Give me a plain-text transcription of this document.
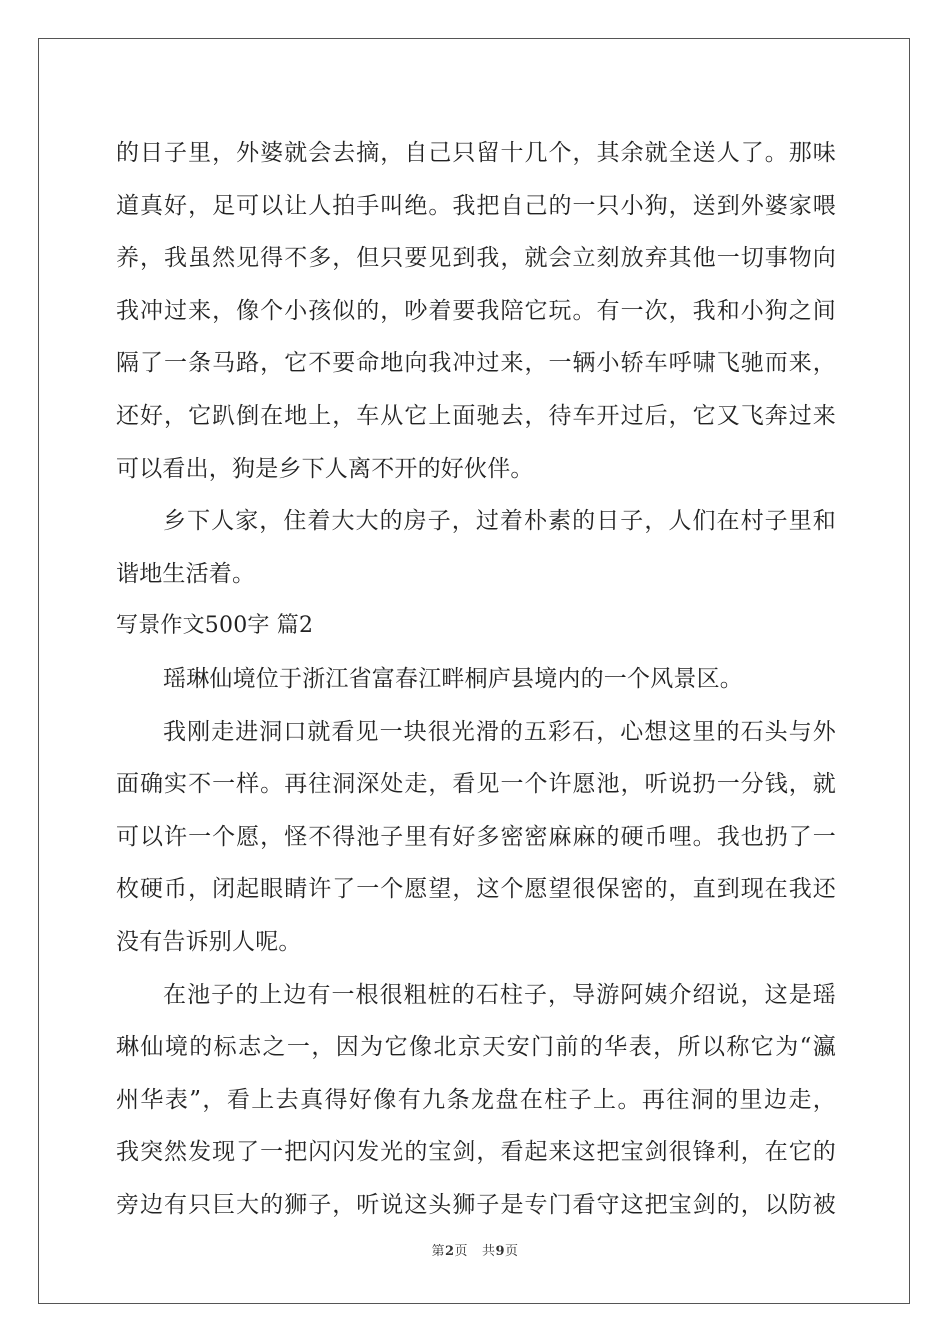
的日子里，外婆就会去摘，自己只留十几个，其余就全送人了。那味
道真好，足可以让人拍手叫绝。我把自己的一只小狗，送到外婆家喂
养，我虽然见得不多，但只要见到我，就会立刻放弃其他一切事物向
我冲过来，像个小孩似的，吵着要我陪它玩。有一次，我和小狗之间
隔了一条马路，它不要命地向我冲过来，一辆小轿车呼啸飞驰而来，
还好，它趴倒在地上，车从它上面驰去，待车开过后，它又飞奔过来
可以看出，狗是乡下人离不开的好伙伴。
乡下人家，住着大大的房子，过着朴素的日子，人们在村子里和
谐地生活着。
写景作文500字 篇2
瑶琳仙境位于浙江省富春江畔桐庐县境内的一个风景区。
我刚走进洞口就看见一块很光滑的五彩石，心想这里的石头与外
面确实不一样。再往洞深处走，看见一个许愿池，听说扔一分钱，就
可以许一个愿，怪不得池子里有好多密密麻麻的硬币哩。我也扔了一
枚硬币，闭起眼睛许了一个愿望，这个愿望很保密的，直到现在我还
没有告诉别人呢。
在池子的上边有一根很粗桩的石柱子，导游阿姨介绍说，这是瑶
琳仙境的标志之一，因为它像北京天安门前的华表，所以称它为“瀛
州华表”，看上去真得好像有九条龙盘在柱子上。再往洞的里边走，
我突然发现了一把闪闪发光的宝剑，看起来这把宝剑很锋利，在它的
旁边有只巨大的狮子，听说这头狮子是专门看守这把宝剑的，以防被
第2页 共9页
